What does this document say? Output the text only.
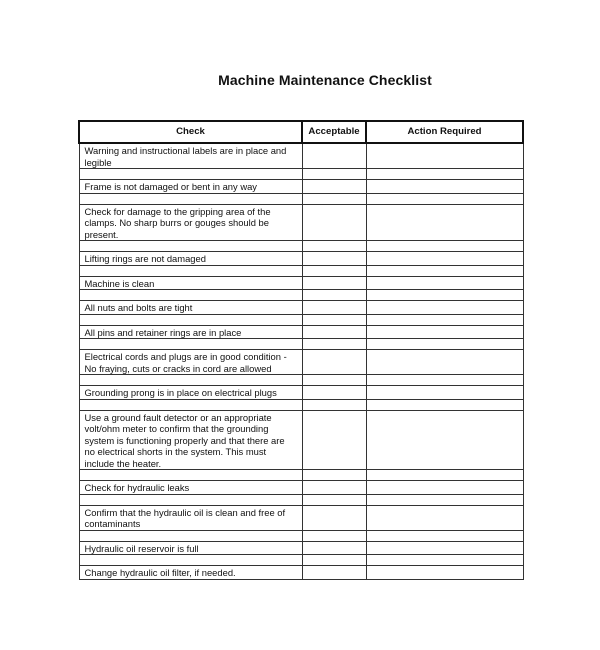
Machine Maintenance Checklist
Check	Acceptable	Action Required
Warning and instructional labels are in place and legible		

Frame is not damaged or bent in any way		

Check for damage to the gripping area of the clamps. No sharp burrs or gouges should be present.		

Lifting rings are not damaged		

Machine is clean		

All nuts and bolts are tight		

All pins and retainer rings are in place		

Electrical cords and plugs are in good condition -No fraying, cuts or cracks in cord are allowed		

Grounding prong is in place on electrical plugs		

Use a ground fault detector or an appropriate volt/ohm meter to confirm that the grounding system is functioning properly and that there are no electrical shorts in the system. This must include the heater.		

Check for hydraulic leaks		

Confirm that the hydraulic oil is clean and free of contaminants		

Hydraulic oil reservoir is full		

Change hydraulic oil filter, if needed.		
